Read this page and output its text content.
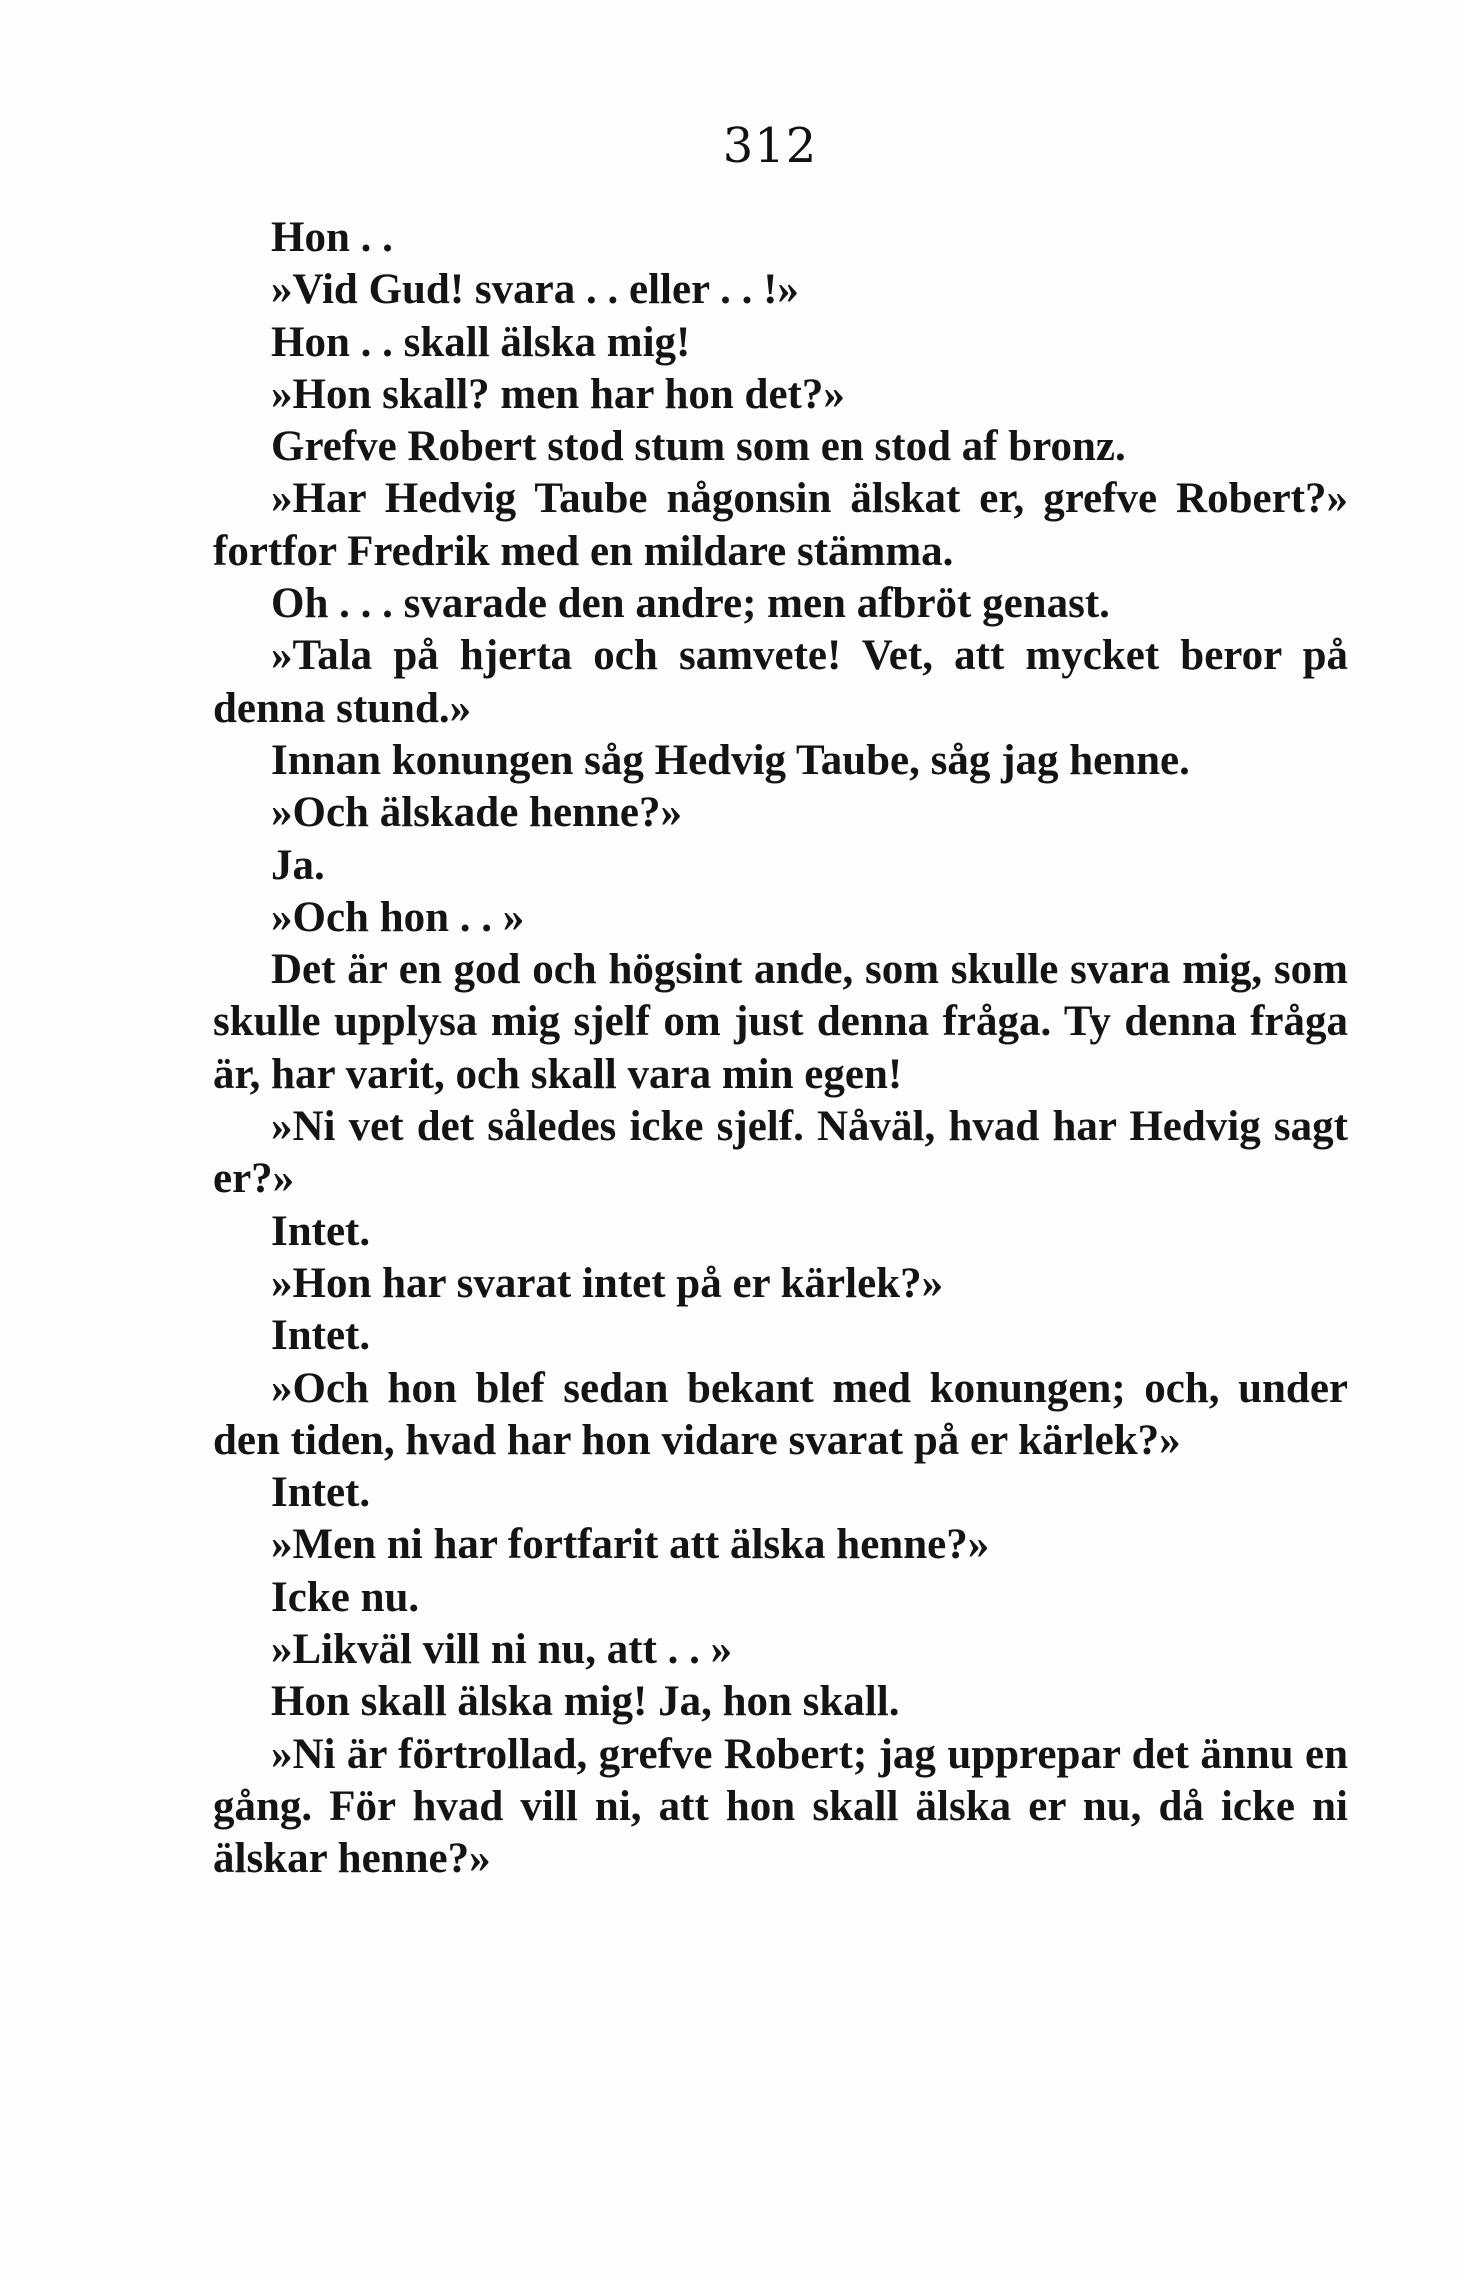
312

Hon . .

»Vid Gud! svara . . eller . . !»

Hon . . skall älska mig!

»Hon skall? men har hon det?»

Grefve Robert stod stum som en stod af bronz.

»Har Hedvig Taube någonsin älskat er, grefve Robert?» fortfor Fredrik med en mildare stämma.

Oh . . . svarade den andre; men afbröt genast.

»Tala på hjerta och samvete! Vet, att mycket beror på denna stund.»

Innan konungen såg Hedvig Taube, såg jag henne.

»Och älskade henne?»

Ja.

»Och hon . . »

Det är en god och högsint ande, som skulle svara mig, som skulle upplysa mig sjelf om just denna fråga. Ty denna fråga är, har varit, och skall vara min egen!

»Ni vet det således icke sjelf. Nåväl, hvad har Hedvig sagt er?»

Intet.

»Hon har svarat intet på er kärlek?»

Intet.

»Och hon blef sedan bekant med konungen; och, under den tiden, hvad har hon vidare svarat på er kärlek?»

Intet.

»Men ni har fortfarit att älska henne?»

Icke nu.

»Likväl vill ni nu, att . . »

Hon skall älska mig! Ja, hon skall.

»Ni är förtrollad, grefve Robert; jag upprepar det ännu en gång. För hvad vill ni, att hon skall älska er nu, då icke ni älskar henne?»
